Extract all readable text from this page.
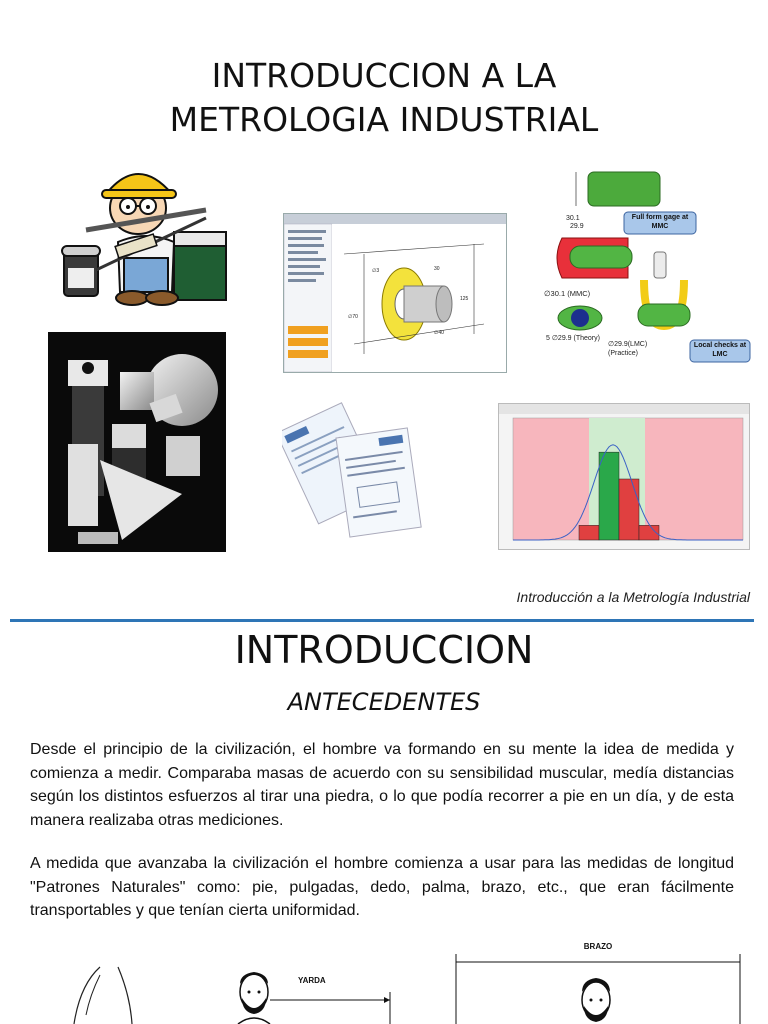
INTRODUCCION A LA
METROLOGIA INDUSTRIAL
∅3	30
125
∅40
∅70
30.1
29.9
Full form gage at MMC
∅30.1 (MMC)
5 ∅29.9 (Theory)
∅29.9(LMC) (Practice)
Local checks at LMC
Introducción a la Metrología Industrial
INTRODUCCION
ANTECEDENTES

Desde el principio de la civilización, el hombre va formando en su mente la idea de medida y comienza a medir. Comparaba masas de acuerdo con su sensibilidad muscular, medía distancias según los distintos esfuerzos al tirar una piedra, o lo que podía recorrer a pie en un día, y de esta manera realizaba otras mediciones.

A medida que avanzaba la civilización el hombre comienza a usar para las medidas de longitud "Patrones Naturales" como: pie, pulgadas, dedo, palma, brazo, etc., que eran fácilmente transportables y que tenían cierta uniformidad.

YARDA
BRAZO
